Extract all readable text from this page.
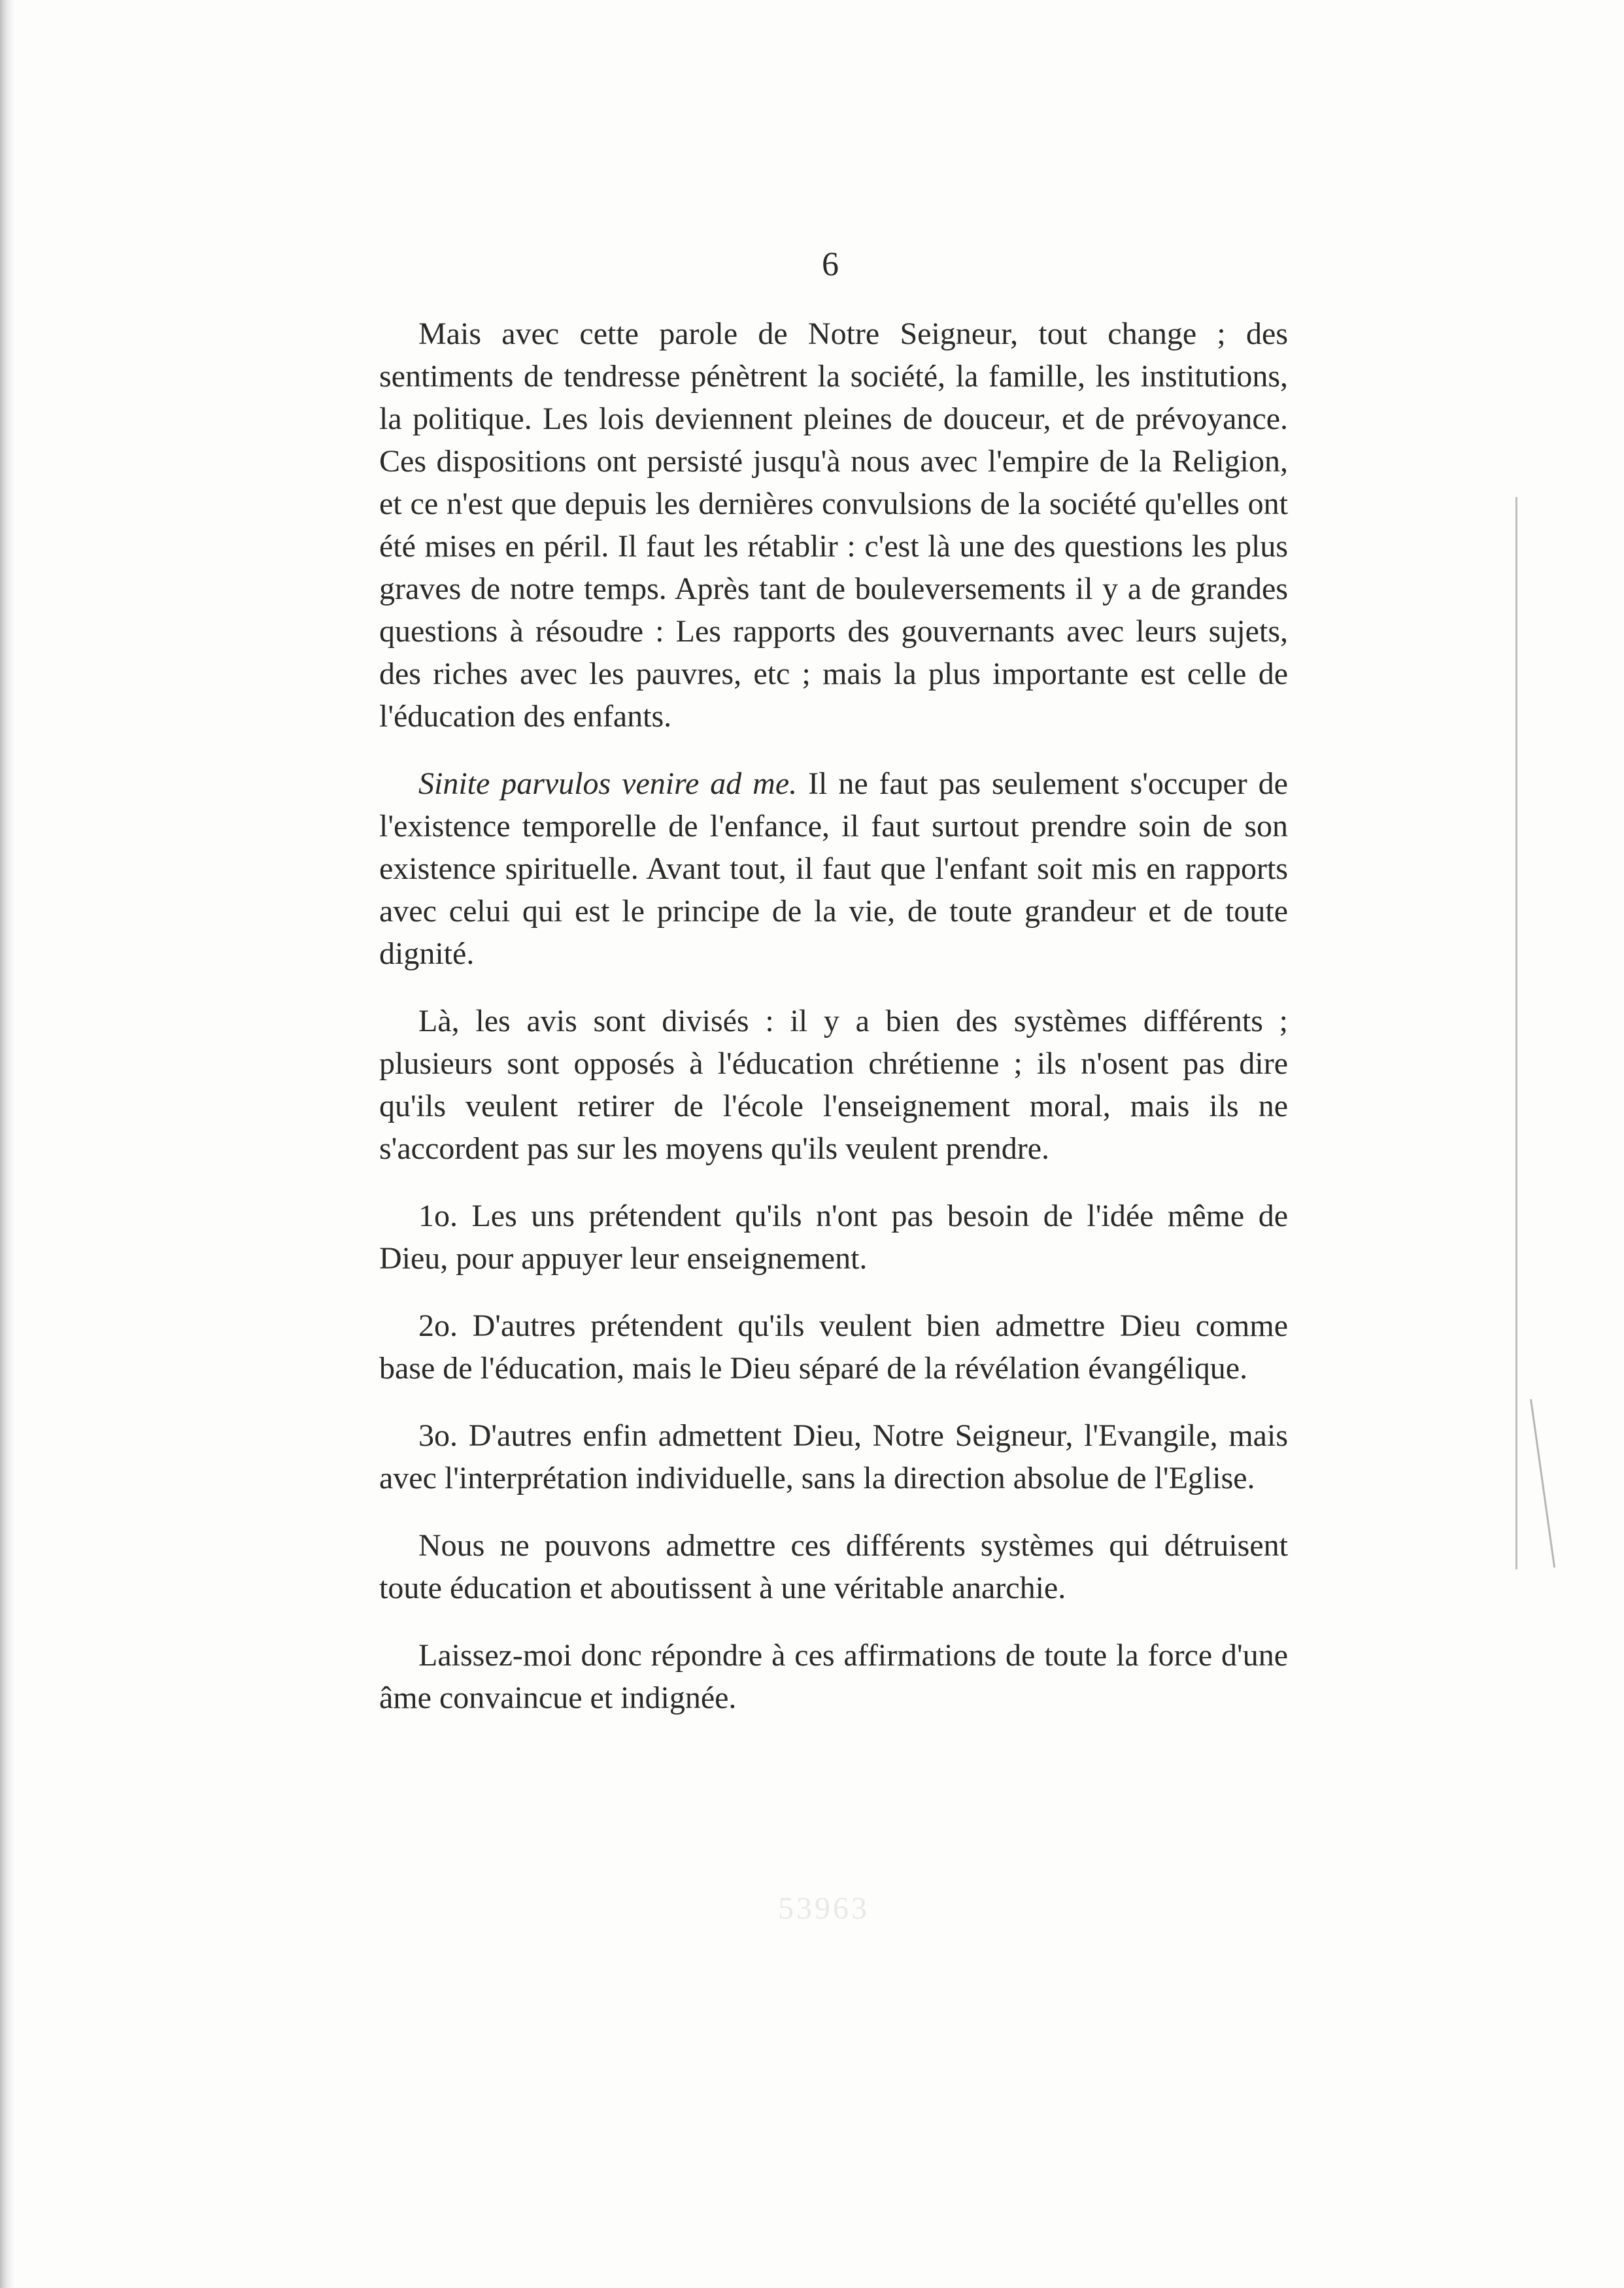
6

Mais avec cette parole de Notre Seigneur, tout change ; des sentiments de tendresse pénètrent la société, la famille, les institutions, la politique. Les lois deviennent pleines de douceur, et de prévoyance. Ces dispositions ont persisté jusqu'à nous avec l'empire de la Religion, et ce n'est que depuis les dernières convulsions de la société qu'elles ont été mises en péril. Il faut les rétablir : c'est là une des questions les plus graves de notre temps. Après tant de bouleversements il y a de grandes questions à résoudre : Les rapports des gouvernants avec leurs sujets, des riches avec les pauvres, etc ; mais la plus importante est celle de l'éducation des enfants.

Sinite parvulos venire ad me. Il ne faut pas seulement s'occuper de l'existence temporelle de l'enfance, il faut surtout prendre soin de son existence spirituelle. Avant tout, il faut que l'enfant soit mis en rapports avec celui qui est le principe de la vie, de toute grandeur et de toute dignité.

Là, les avis sont divisés : il y a bien des systèmes différents ; plusieurs sont opposés à l'éducation chrétienne ; ils n'osent pas dire qu'ils veulent retirer de l'école l'enseignement moral, mais ils ne s'accordent pas sur les moyens qu'ils veulent prendre.

1o. Les uns prétendent qu'ils n'ont pas besoin de l'idée même de Dieu, pour appuyer leur enseignement.

2o. D'autres prétendent qu'ils veulent bien admettre Dieu comme base de l'éducation, mais le Dieu séparé de la révélation évangélique.

3o. D'autres enfin admettent Dieu, Notre Seigneur, l'Evangile, mais avec l'interprétation individuelle, sans la direction absolue de l'Eglise.

Nous ne pouvons admettre ces différents systèmes qui détruisent toute éducation et aboutissent à une véritable anarchie.

Laissez-moi donc répondre à ces affirmations de toute la force d'une âme convaincue et indignée.

53963
